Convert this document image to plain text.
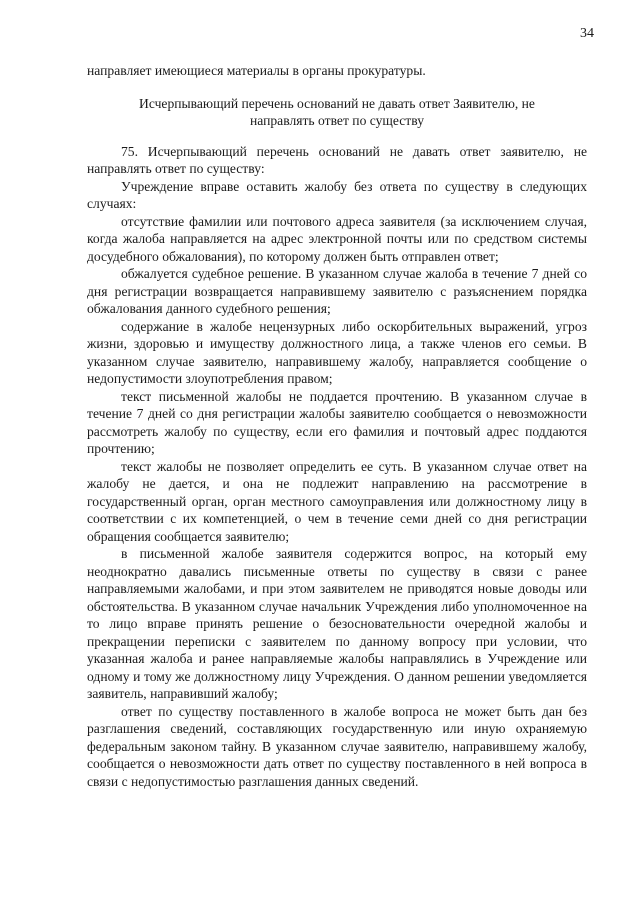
34

направляет имеющиеся материалы в органы прокуратуры.

Исчерпывающий перечень оснований не давать ответ Заявителю, не направлять ответ по существу

75. Исчерпывающий перечень оснований не давать ответ заявителю, не направлять ответ по существу:

Учреждение вправе оставить жалобу без ответа по существу в следующих случаях:

отсутствие фамилии или почтового адреса заявителя (за исключением случая, когда жалоба направляется на адрес электронной почты или по средством системы досудебного обжалования), по которому должен быть отправлен ответ;

обжалуется судебное решение. В указанном случае жалоба в течение 7 дней со дня регистрации возвращается направившему заявителю с разъяснением порядка обжалования данного судебного решения;

содержание в жалобе нецензурных либо оскорбительных выражений, угроз жизни, здоровью и имуществу должностного лица, а также членов его семьи. В указанном случае заявителю, направившему жалобу, направляется сообщение о недопустимости злоупотребления правом;

текст письменной жалобы не поддается прочтению. В указанном случае в течение 7 дней со дня регистрации жалобы заявителю сообщается о невозможности рассмотреть жалобу по существу, если его фамилия и почтовый адрес поддаются прочтению;

текст жалобы не позволяет определить ее суть. В указанном случае ответ на жалобу не дается, и она не подлежит направлению на рассмотрение в государственный орган, орган местного самоуправления или должностному лицу в соответствии с их компетенцией, о чем в течение семи дней со дня регистрации обращения сообщается заявителю;

в письменной жалобе заявителя содержится вопрос, на который ему неоднократно давались письменные ответы по существу в связи с ранее направляемыми жалобами, и при этом заявителем не приводятся новые доводы или обстоятельства. В указанном случае начальник Учреждения либо уполномоченное на то лицо вправе принять решение о безосновательности очередной жалобы и прекращении переписки с заявителем по данному вопросу при условии, что указанная жалоба и ранее направляемые жалобы направлялись в Учреждение или одному и тому же должностному лицу Учреждения. О данном решении уведомляется заявитель, направивший жалобу;

ответ по существу поставленного в жалобе вопроса не может быть дан без разглашения сведений, составляющих государственную или иную охраняемую федеральным законом тайну. В указанном случае заявителю, направившему жалобу, сообщается о невозможности дать ответ по существу поставленного в ней вопроса в связи с недопустимостью разглашения данных сведений.
